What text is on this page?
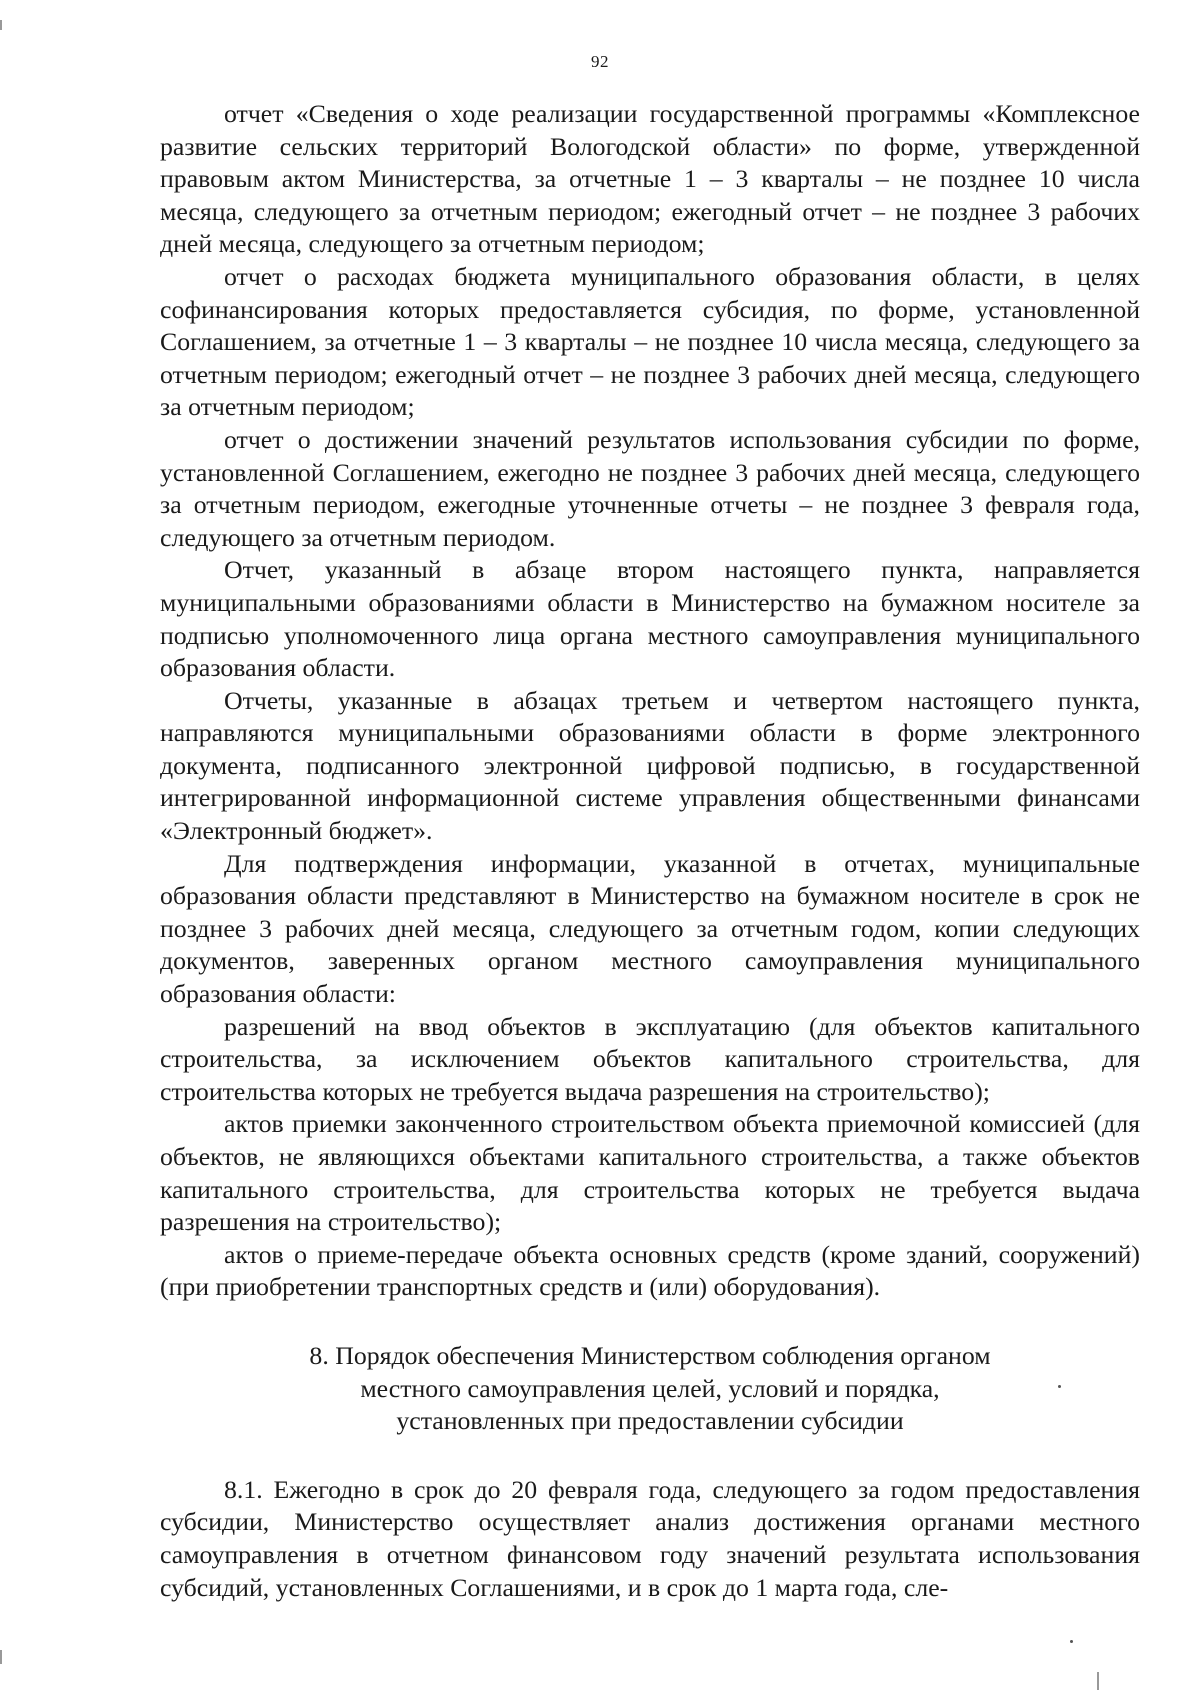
92

отчет «Сведения о ходе реализации государственной программы «Комплексное развитие сельских территорий Вологодской области» по форме, утвержденной правовым актом Министерства, за отчетные 1 – 3 кварталы – не позднее 10 числа месяца, следующего за отчетным периодом; ежегодный отчет – не позднее 3 рабочих дней месяца, следующего за отчетным периодом;

отчет о расходах бюджета муниципального образования области, в целях софинансирования которых предоставляется субсидия, по форме, установленной Соглашением, за отчетные 1 – 3 кварталы – не позднее 10 числа месяца, следующего за отчетным периодом; ежегодный отчет – не позднее 3 рабочих дней месяца, следующего за отчетным периодом;

отчет о достижении значений результатов использования субсидии по форме, установленной Соглашением, ежегодно не позднее 3 рабочих дней месяца, следующего за отчетным периодом, ежегодные уточненные отчеты – не позднее 3 февраля года, следующего за отчетным периодом.

Отчет, указанный в абзаце втором настоящего пункта, направляется муниципальными образованиями области в Министерство на бумажном носителе за подписью уполномоченного лица органа местного самоуправления муниципального образования области.

Отчеты, указанные в абзацах третьем и четвертом настоящего пункта, направляются муниципальными образованиями области в форме электронного документа, подписанного электронной цифровой подписью, в государственной интегрированной информационной системе управления общественными финансами «Электронный бюджет».

Для подтверждения информации, указанной в отчетах, муниципальные образования области представляют в Министерство на бумажном носителе в срок не позднее 3 рабочих дней месяца, следующего за отчетным годом, копии следующих документов, заверенных органом местного самоуправления муниципального образования области:

разрешений на ввод объектов в эксплуатацию (для объектов капитального строительства, за исключением объектов капитального строительства, для строительства которых не требуется выдача разрешения на строительство);

актов приемки законченного строительством объекта приемочной комиссией (для объектов, не являющихся объектами капитального строительства, а также объектов капитального строительства, для строительства которых не требуется выдача разрешения на строительство);

актов о приеме-передаче объекта основных средств (кроме зданий, сооружений) (при приобретении транспортных средств и (или) оборудования).

8. Порядок обеспечения Министерством соблюдения органом
местного самоуправления целей, условий и порядка,
установленных при предоставлении субсидии

8.1. Ежегодно в срок до 20 февраля года, следующего за годом предоставления субсидии, Министерство осуществляет анализ достижения органами местного самоуправления в отчетном финансовом году значений результата использования субсидий, установленных Соглашениями, и в срок до 1 марта года, сле-
